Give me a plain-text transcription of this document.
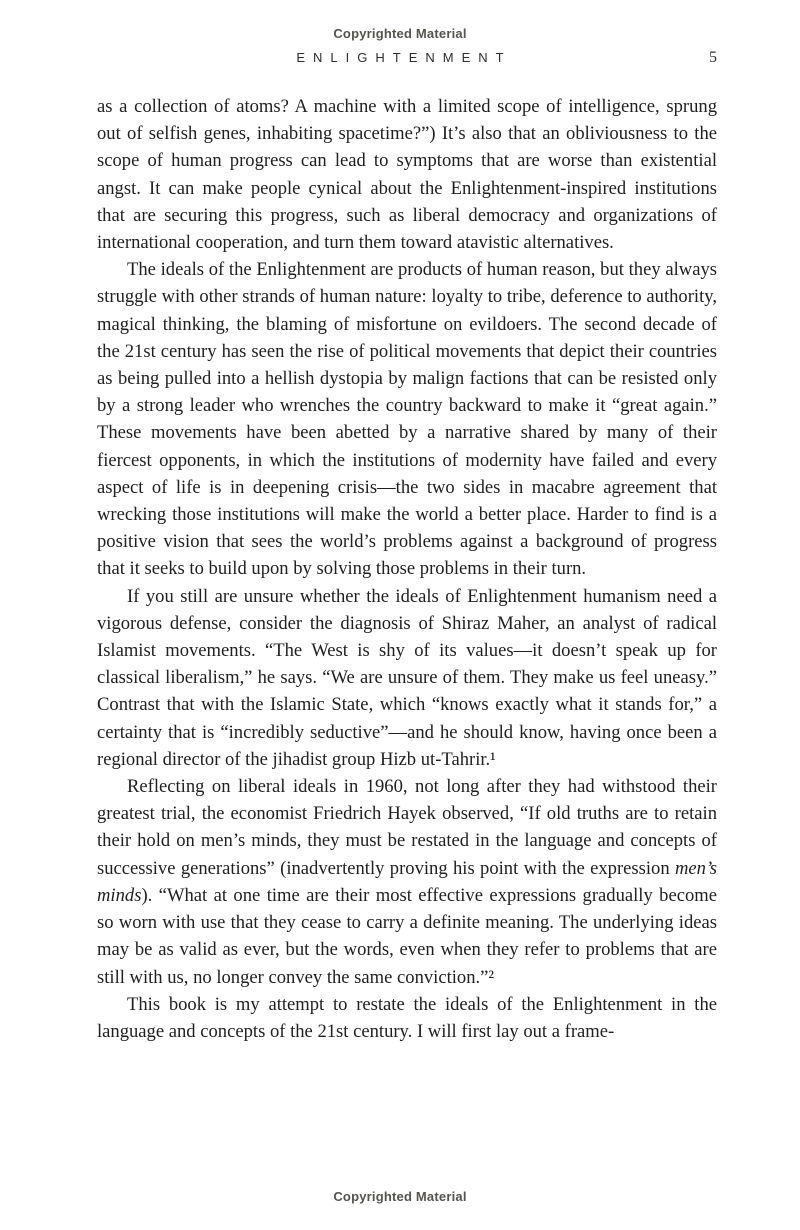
Copyrighted Material
ENLIGHTENMENT	5

as a collection of atoms? A machine with a limited scope of intelligence, sprung out of selfish genes, inhabiting spacetime?”) It’s also that an obliviousness to the scope of human progress can lead to symptoms that are worse than existential angst. It can make people cynical about the Enlightenment-inspired institutions that are securing this progress, such as liberal democracy and organizations of international cooperation, and turn them toward atavistic alternatives.

The ideals of the Enlightenment are products of human reason, but they always struggle with other strands of human nature: loyalty to tribe, deference to authority, magical thinking, the blaming of misfortune on evildoers. The second decade of the 21st century has seen the rise of political movements that depict their countries as being pulled into a hellish dystopia by malign factions that can be resisted only by a strong leader who wrenches the country backward to make it “great again.” These movements have been abetted by a narrative shared by many of their fiercest opponents, in which the institutions of modernity have failed and every aspect of life is in deepening crisis—the two sides in macabre agreement that wrecking those institutions will make the world a better place. Harder to find is a positive vision that sees the world’s problems against a background of progress that it seeks to build upon by solving those problems in their turn.

If you still are unsure whether the ideals of Enlightenment humanism need a vigorous defense, consider the diagnosis of Shiraz Maher, an analyst of radical Islamist movements. “The West is shy of its values—it doesn’t speak up for classical liberalism,” he says. “We are unsure of them. They make us feel uneasy.” Contrast that with the Islamic State, which “knows exactly what it stands for,” a certainty that is “incredibly seductive”—and he should know, having once been a regional director of the jihadist group Hizb ut-Tahrir.¹

Reflecting on liberal ideals in 1960, not long after they had withstood their greatest trial, the economist Friedrich Hayek observed, “If old truths are to retain their hold on men’s minds, they must be restated in the language and concepts of successive generations” (inadvertently proving his point with the expression men’s minds). “What at one time are their most effective expressions gradually become so worn with use that they cease to carry a definite meaning. The underlying ideas may be as valid as ever, but the words, even when they refer to problems that are still with us, no longer convey the same conviction.”²

This book is my attempt to restate the ideals of the Enlightenment in the language and concepts of the 21st century. I will first lay out a frame-

Copyrighted Material
